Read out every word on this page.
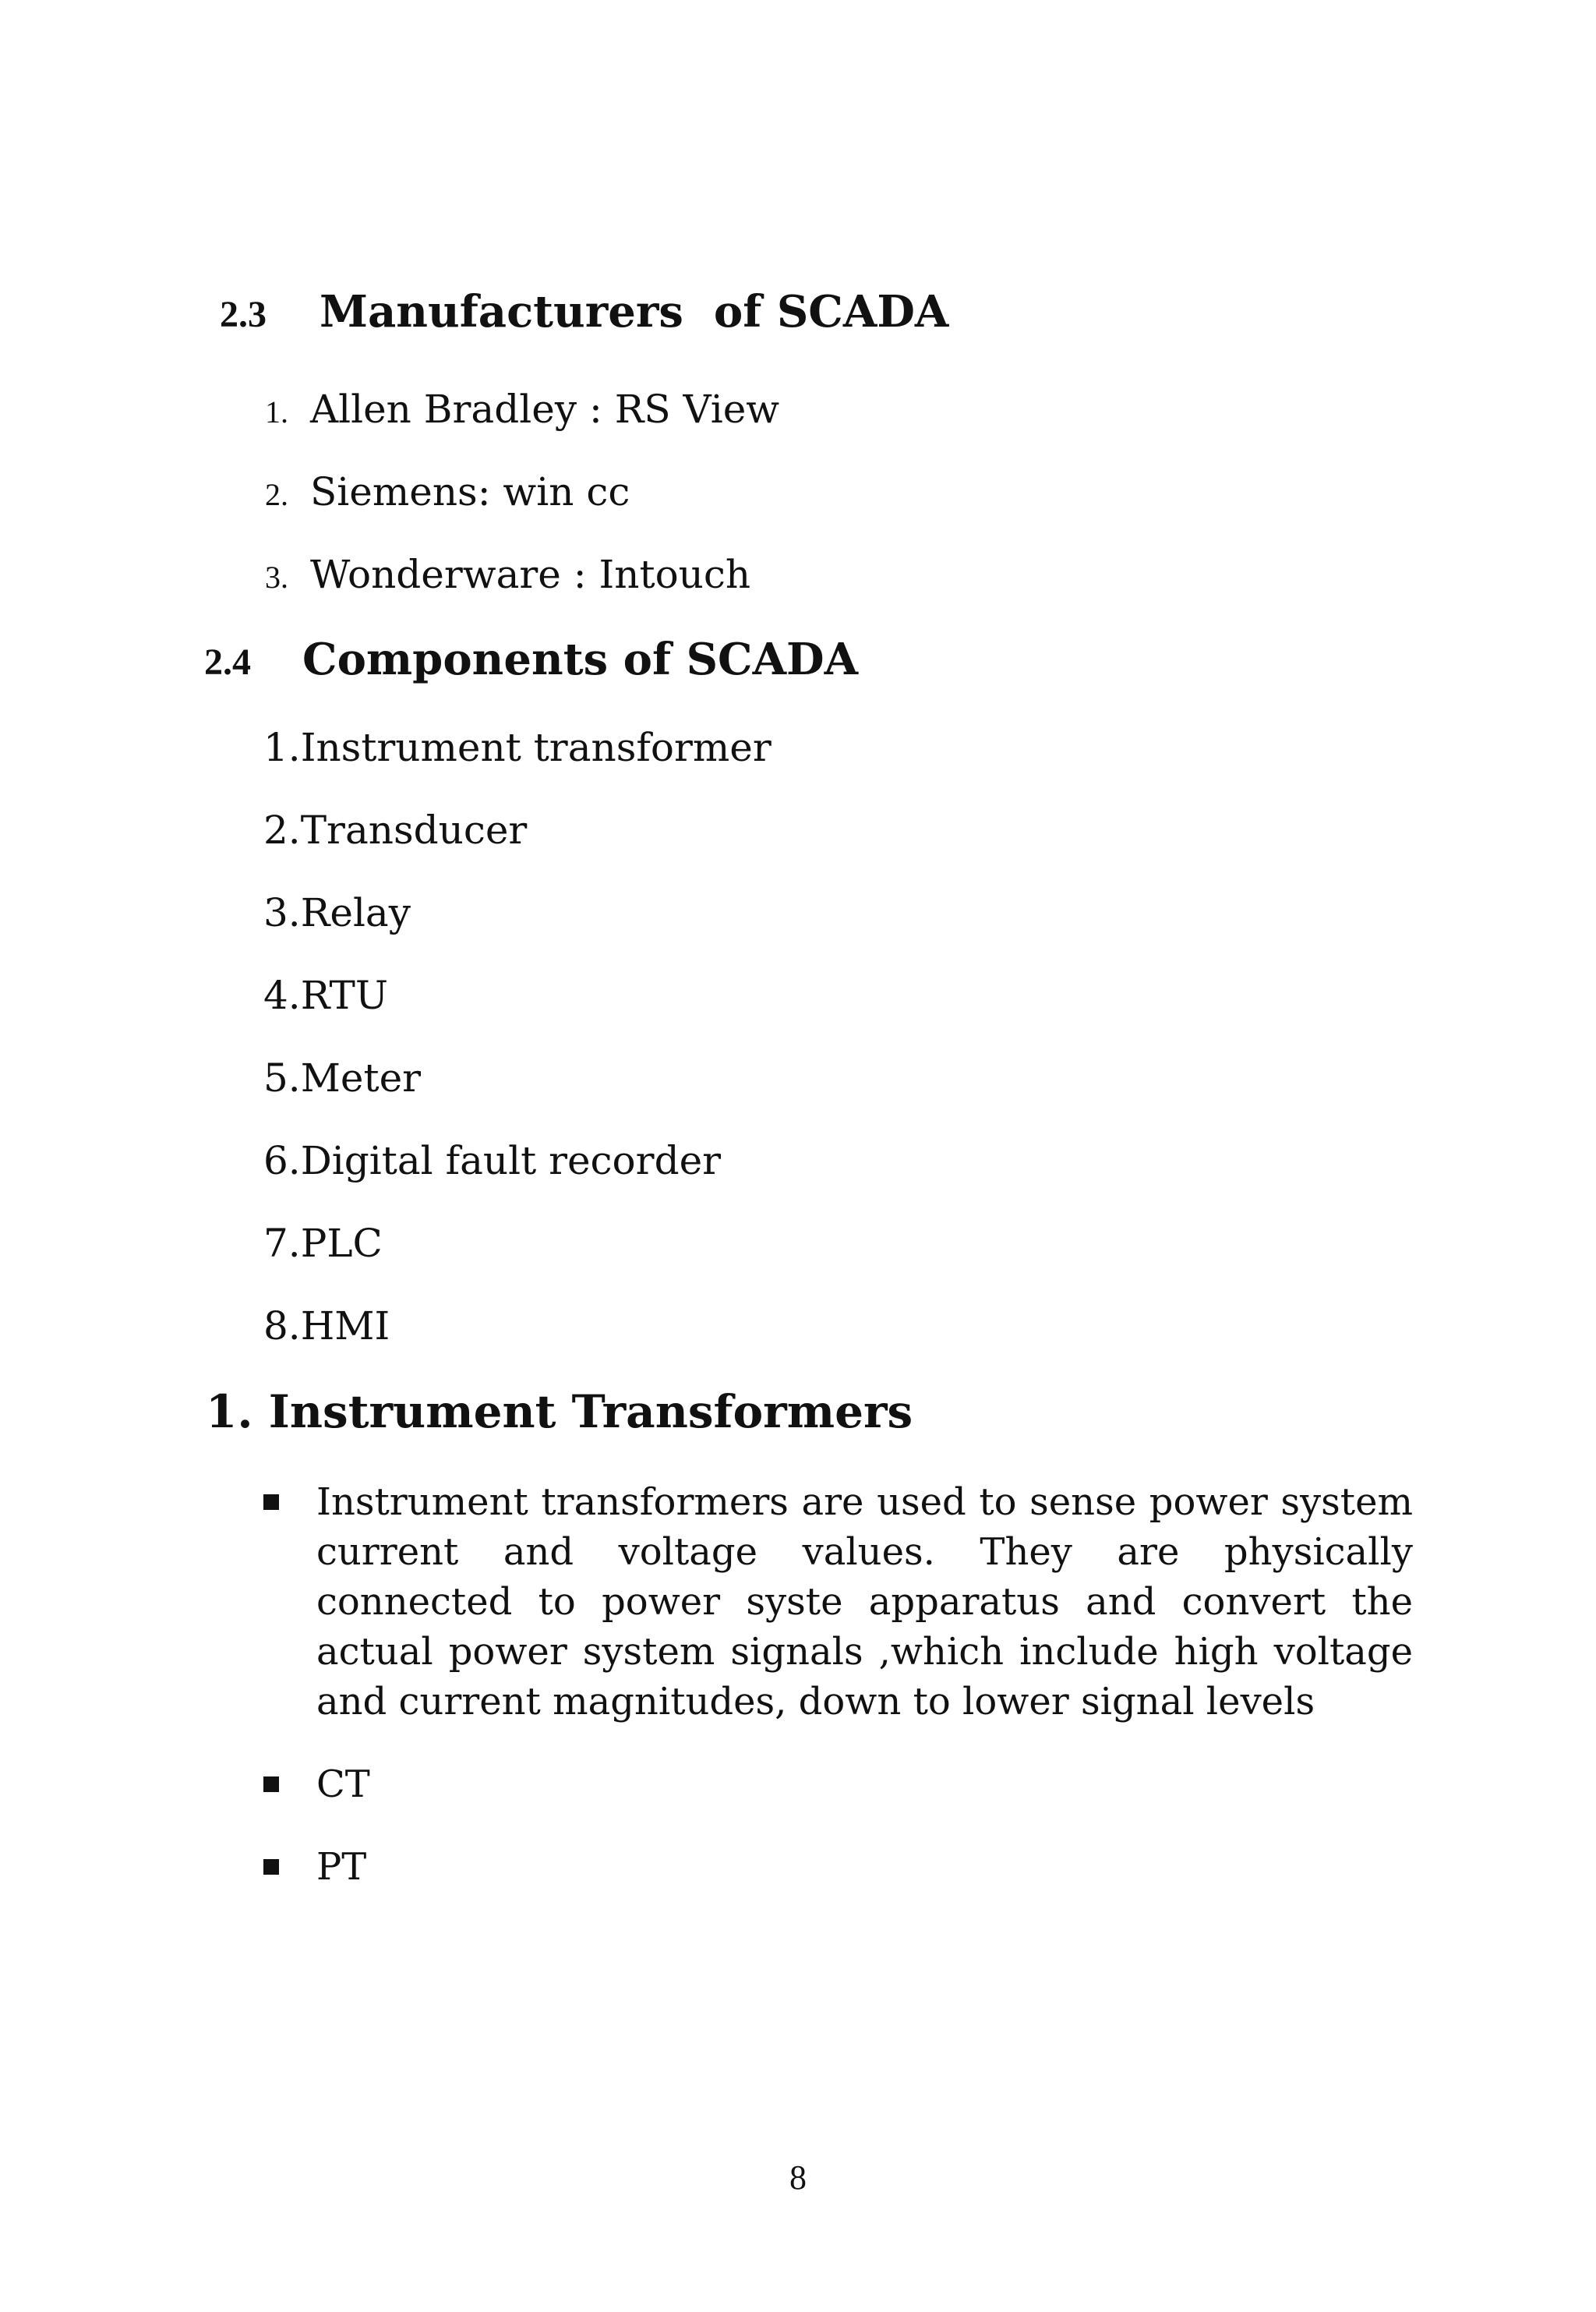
2.3 Manufacturers  of SCADA
1. Allen Bradley : RS View
2. Siemens: win cc
3. Wonderware : Intouch
2.4 Components of SCADA
1.Instrument transformer
2.Transducer
3.Relay
4.RTU
5.Meter
6.Digital fault recorder
7.PLC
8.HMI
1. Instrument Transformers
Instrument transformers are used to sense power system current and voltage values. They are physically connected to power syste apparatus and convert the actual power system signals ,which include high voltage and current magnitudes, down to lower signal levels
CT
PT
8
